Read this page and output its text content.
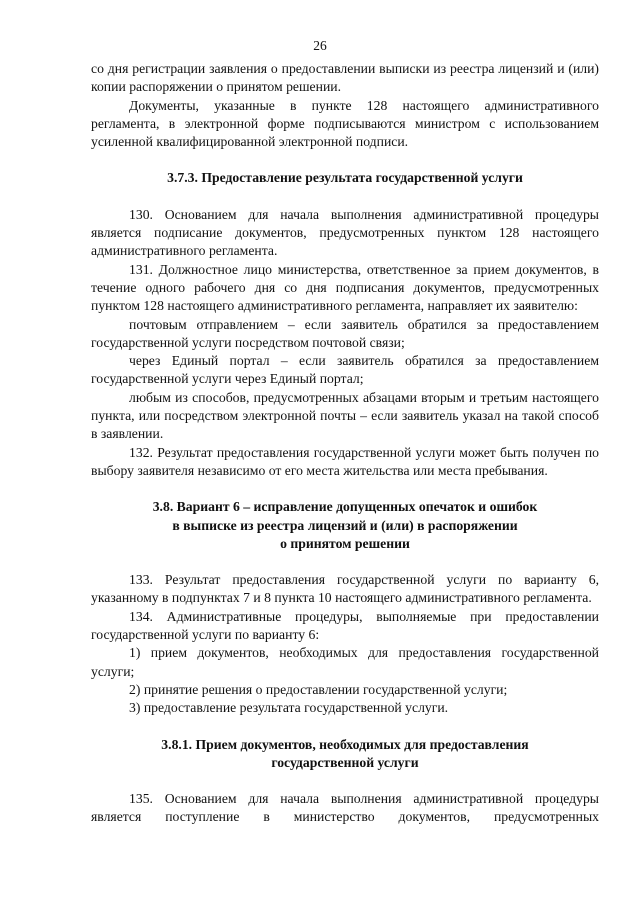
26

со дня регистрации заявления о предоставлении выписки из реестра лицензий и (или) копии распоряжении о принятом решении.

Документы, указанные в пункте 128 настоящего административного регламента, в электронной форме подписываются министром с использованием усиленной квалифицированной электронной подписи.

3.7.3. Предоставление результата государственной услуги

130. Основанием для начала выполнения административной процедуры является подписание документов, предусмотренных пунктом 128 настоящего административного регламента.

131. Должностное лицо министерства, ответственное за прием документов, в течение одного рабочего дня со дня подписания документов, предусмотренных пунктом 128 настоящего административного регламента, направляет их заявителю:

почтовым отправлением – если заявитель обратился за предоставлением государственной услуги посредством почтовой связи;

через Единый портал – если заявитель обратился за предоставлением государственной услуги через Единый портал;

любым из способов, предусмотренных абзацами вторым и третьим настоящего пункта, или посредством электронной почты – если заявитель указал на такой способ в заявлении.

132. Результат предоставления государственной услуги может быть получен по выбору заявителя независимо от его места жительства или места пребывания.

3.8. Вариант 6 – исправление допущенных опечаток и ошибок
в выписке из реестра лицензий и (или) в распоряжении
о принятом решении

133. Результат предоставления государственной услуги по варианту 6, указанному в подпунктах 7 и 8 пункта 10 настоящего административного регламента.

134. Административные процедуры, выполняемые при предоставлении государственной услуги по варианту 6:

1) прием документов, необходимых для предоставления государственной услуги;

2) принятие решения о предоставлении государственной услуги;

3) предоставление результата государственной услуги.

3.8.1. Прием документов, необходимых для предоставления
государственной услуги

135. Основанием для начала выполнения административной процедуры является поступление в министерство документов, предусмотренных
